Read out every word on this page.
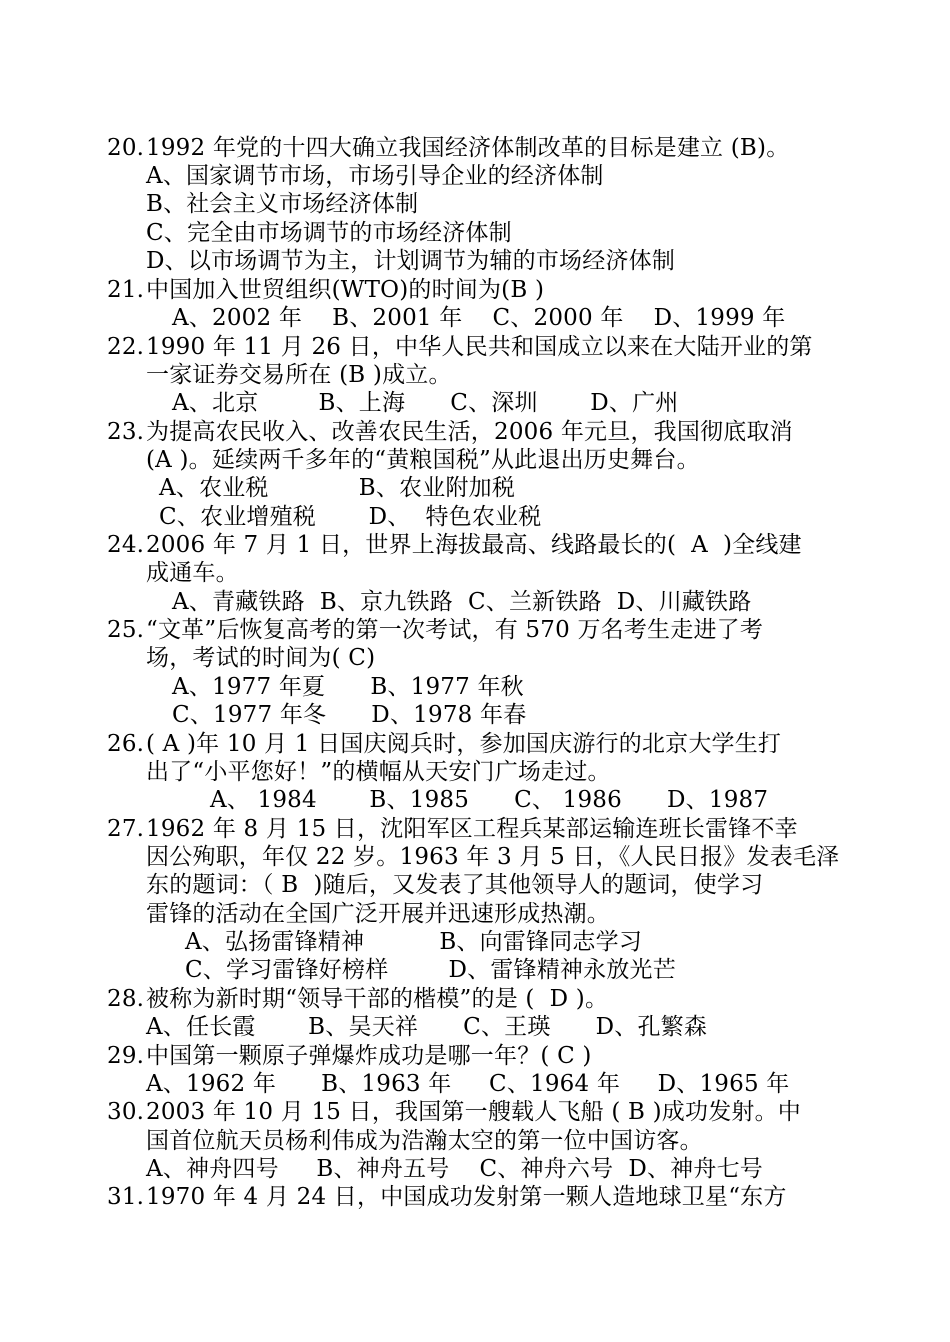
20. 1992 年党的十四大确立我国经济体制改革的目标是建立 (B)。
A、国家调节市场，市场引导企业的经济体制
B、社会主义市场经济体制
C、完全由市场调节的市场经济体制
D、以市场调节为主，计划调节为辅的市场经济体制
21. 中国加入世贸组织(WTO)的时间为(B )
A、2002 年    B、2001 年    C、2000 年    D、1999 年
22. 1990 年 11 月 26 日，中华人民共和国成立以来在大陆开业的第
一家证券交易所在 (B )成立。
A、北京        B、上海      C、深圳       D、广州
23. 为提高农民收入、改善农民生活，2006 年元旦，我国彻底取消
(A )。延续两千多年的“黄粮国税”从此退出历史舞台。
A、农业税            B、农业附加税
C、农业增殖税       D、  特色农业税
24. 2006 年 7 月 1 日，世界上海拔最高、线路最长的(  A  )全线建
成通车。
A、青藏铁路  B、京九铁路  C、兰新铁路  D、川藏铁路
25. “文革”后恢复高考的第一次考试，有 570 万名考生走进了考
场，考试的时间为( C)
A、1977 年夏      B、1977 年秋
C、1977 年冬      D、1978 年春
26. ( A )年 10 月 1 日国庆阅兵时，参加国庆游行的北京大学生打
出了“小平您好！”的横幅从天安门广场走过。
A、 1984       B、1985      C、 1986      D、1987
27. 1962 年 8 月 15 日，沈阳军区工程兵某部运输连班长雷锋不幸
因公殉职，年仅 22 岁。1963 年 3 月 5 日，《人民日报》发表毛泽
东的题词：（ B  )随后，又发表了其他领导人的题词，使学习
雷锋的活动在全国广泛开展并迅速形成热潮。
A、弘扬雷锋精神          B、向雷锋同志学习
C、学习雷锋好榜样        D、雷锋精神永放光芒
28. 被称为新时期“领导干部的楷模”的是 (  D )。
A、任长霞       B、吴天祥      C、王瑛      D、孔繁森
29. 中国第一颗原子弹爆炸成功是哪一年？( C )
A、1962 年      B、1963 年     C、1964 年     D、1965 年
30. 2003 年 10 月 15 日，我国第一艘载人飞船 ( B )成功发射。中
国首位航天员杨利伟成为浩瀚太空的第一位中国访客。
A、神舟四号     B、神舟五号    C、神舟六号  D、神舟七号
31. 1970 年 4 月 24 日，中国成功发射第一颗人造地球卫星“东方
